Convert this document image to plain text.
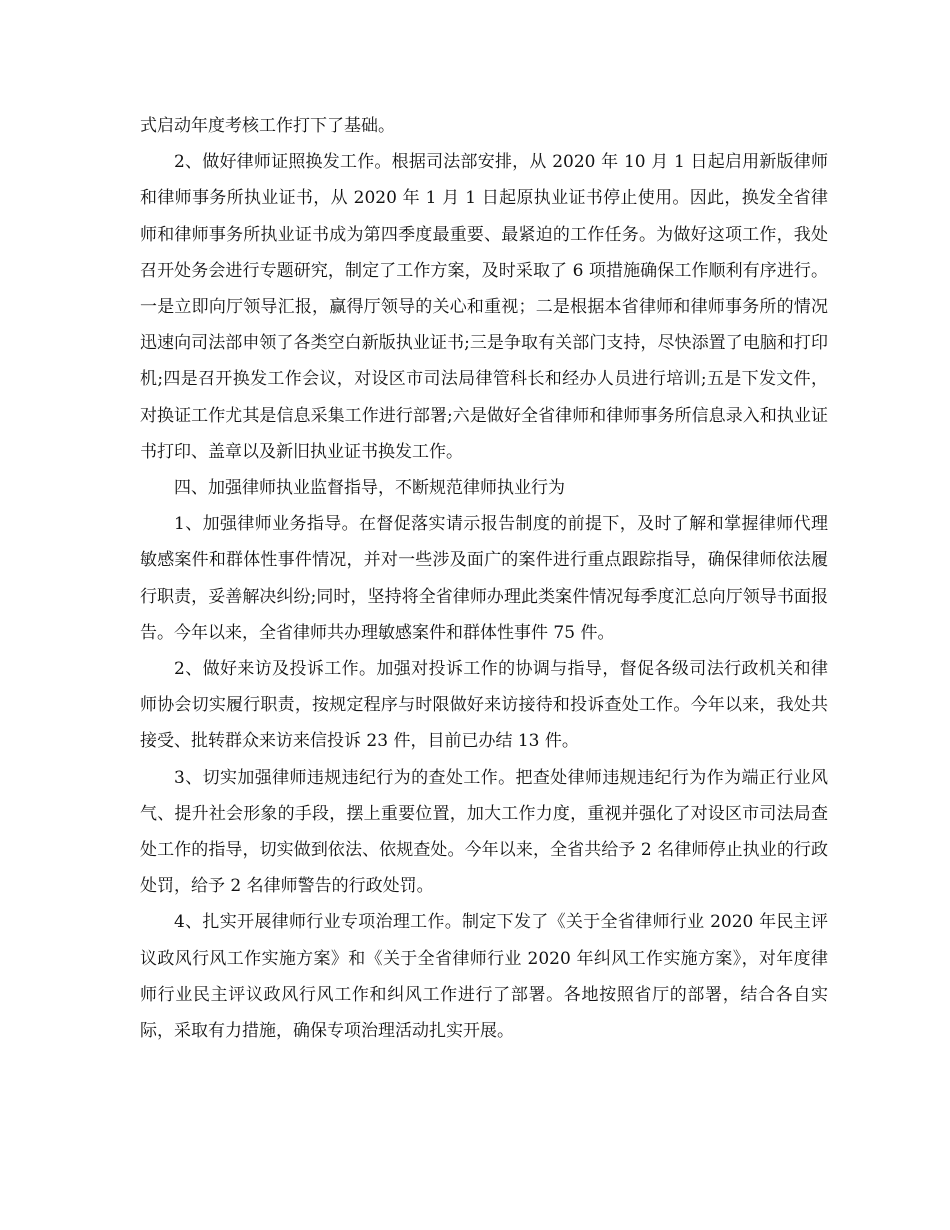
式启动年度考核工作打下了基础。

2、做好律师证照换发工作。根据司法部安排，从 2020 年 10 月 1 日起启用新版律师和律师事务所执业证书，从 2020 年 1 月 1 日起原执业证书停止使用。因此，换发全省律师和律师事务所执业证书成为第四季度最重要、最紧迫的工作任务。为做好这项工作，我处召开处务会进行专题研究，制定了工作方案，及时采取了 6 项措施确保工作顺利有序进行。一是立即向厅领导汇报，赢得厅领导的关心和重视；二是根据本省律师和律师事务所的情况迅速向司法部申领了各类空白新版执业证书;三是争取有关部门支持，尽快添置了电脑和打印机;四是召开换发工作会议，对设区市司法局律管科长和经办人员进行培训;五是下发文件，对换证工作尤其是信息采集工作进行部署;六是做好全省律师和律师事务所信息录入和执业证书打印、盖章以及新旧执业证书换发工作。

四、加强律师执业监督指导，不断规范律师执业行为

1、加强律师业务指导。在督促落实请示报告制度的前提下，及时了解和掌握律师代理敏感案件和群体性事件情况，并对一些涉及面广的案件进行重点跟踪指导，确保律师依法履行职责，妥善解决纠纷;同时，坚持将全省律师办理此类案件情况每季度汇总向厅领导书面报告。今年以来，全省律师共办理敏感案件和群体性事件 75 件。

2、做好来访及投诉工作。加强对投诉工作的协调与指导，督促各级司法行政机关和律师协会切实履行职责，按规定程序与时限做好来访接待和投诉查处工作。今年以来，我处共接受、批转群众来访来信投诉 23 件，目前已办结 13 件。

3、切实加强律师违规违纪行为的查处工作。把查处律师违规违纪行为作为端正行业风气、提升社会形象的手段，摆上重要位置，加大工作力度，重视并强化了对设区市司法局查处工作的指导，切实做到依法、依规查处。今年以来，全省共给予 2 名律师停止执业的行政处罚，给予 2 名律师警告的行政处罚。

4、扎实开展律师行业专项治理工作。制定下发了《关于全省律师行业 2020 年民主评议政风行风工作实施方案》和《关于全省律师行业 2020 年纠风工作实施方案》，对年度律师行业民主评议政风行风工作和纠风工作进行了部署。各地按照省厅的部署，结合各自实际，采取有力措施，确保专项治理活动扎实开展。
